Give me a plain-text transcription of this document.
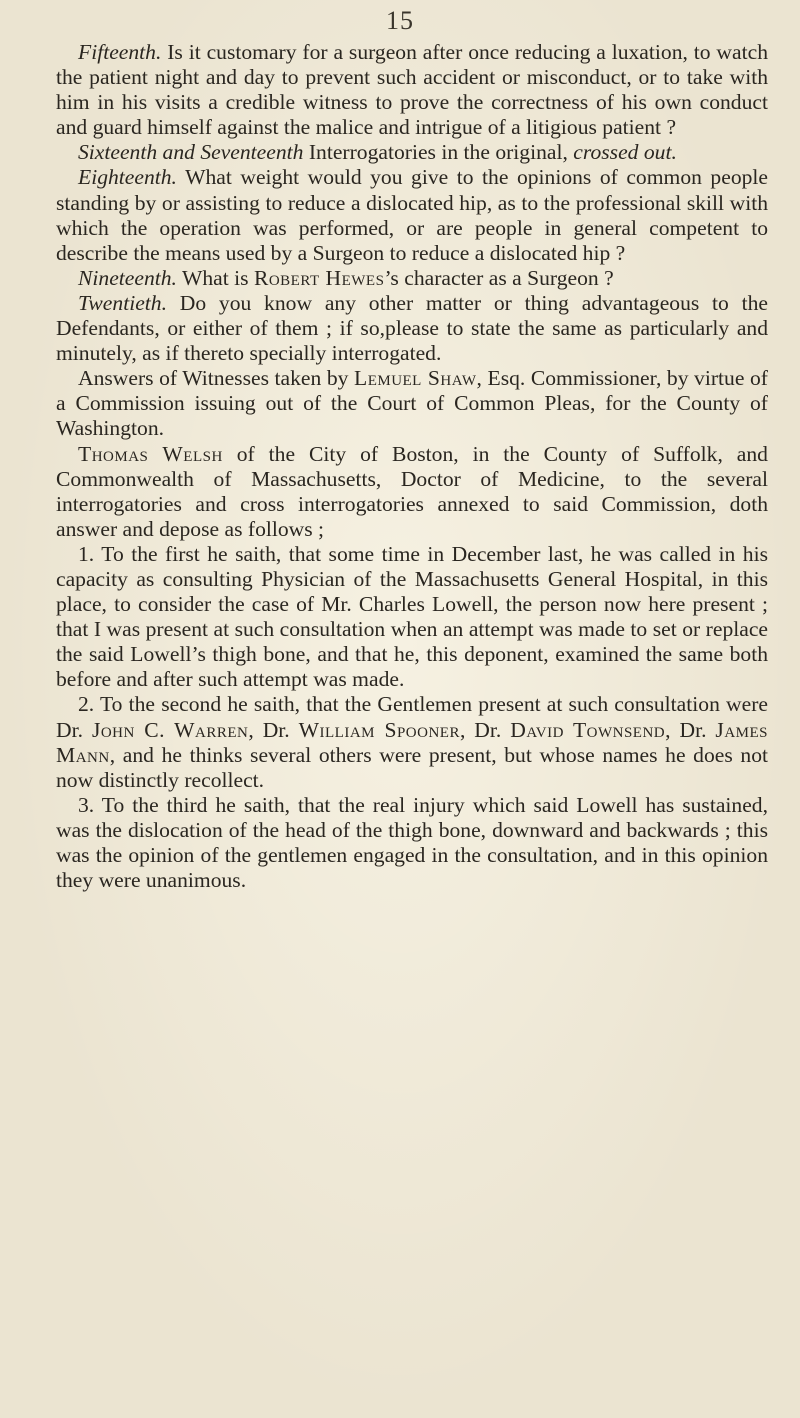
15

Fifteenth. Is it customary for a surgeon after once reducing a luxation, to watch the patient night and day to prevent such accident or misconduct, or to take with him in his visits a credible witness to prove the correctness of his own conduct and guard himself against the malice and intrigue of a litigious patient ?

Sixteenth and Seventeenth Interrogatories in the original, crossed out.

Eighteenth. What weight would you give to the opinions of common people standing by or assisting to reduce a dislocated hip, as to the professional skill with which the operation was performed, or are people in general competent to describe the means used by a Surgeon to reduce a dislocated hip ?

Nineteenth. What is Robert Hewes’s character as a Surgeon ?

Twentieth. Do you know any other matter or thing advantageous to the Defendants, or either of them ; if so,please to state the same as particularly and minutely, as if thereto specially interrogated.

Answers of Witnesses taken by Lemuel Shaw, Esq. Commissioner, by virtue of a Commission issuing out of the Court of Common Pleas, for the County of Washington.

Thomas Welsh of the City of Boston, in the County of Suffolk, and Commonwealth of Massachusetts, Doctor of Medicine, to the several interrogatories and cross interrogatories annexed to said Commission, doth answer and depose as follows ;

1. To the first he saith, that some time in December last, he was called in his capacity as consulting Physician of the Massachusetts General Hospital, in this place, to consider the case of Mr. Charles Lowell, the person now here present ; that I was present at such consultation when an attempt was made to set or replace the said Lowell’s thigh bone, and that he, this deponent, examined the same both before and after such attempt was made.

2. To the second he saith, that the Gentlemen present at such consultation were Dr. John C. Warren, Dr. William Spooner, Dr. David Townsend, Dr. James Mann, and he thinks several others were present, but whose names he does not now distinctly recollect.

3. To the third he saith, that the real injury which said Lowell has sustained, was the dislocation of the head of the thigh bone, downward and backwards ; this was the opinion of the gentlemen engaged in the consultation, and in this opinion they were unanimous.
